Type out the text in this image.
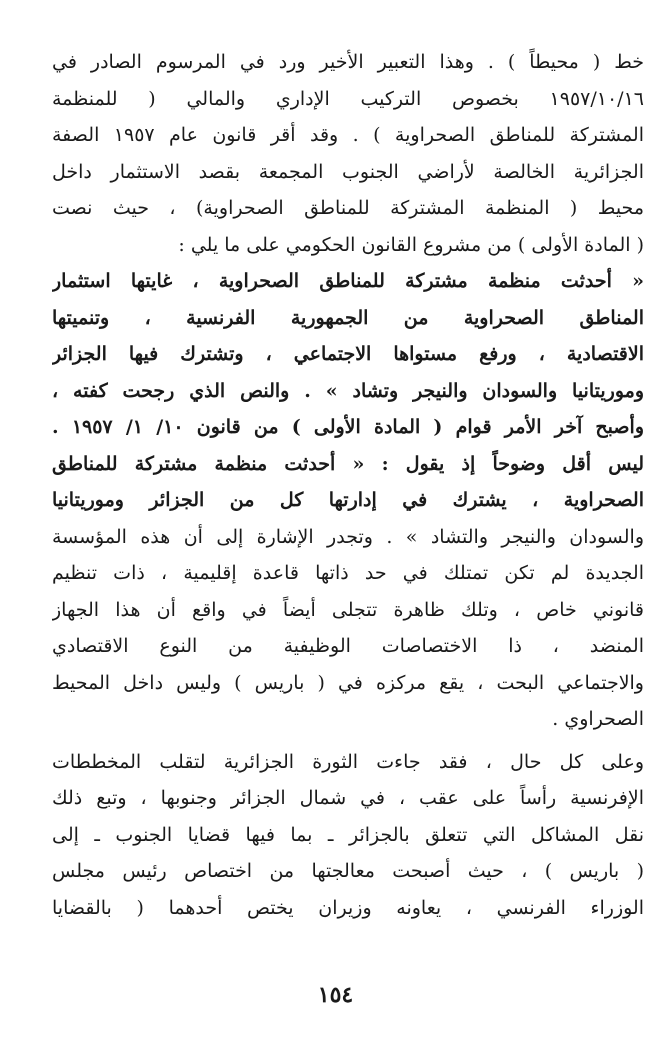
خط ( محيطاً ) . وهذا التعبير الأخير ورد في المرسوم الصادر في
١٩٥٧/١٠/١٦ بخصوص التركيب الإداري والمالي ( للمنظمة
المشتركة للمناطق الصحراوية ) . وقد أقر قانون عام ١٩٥٧ الصفة
الجزائرية الخالصة لأراضي الجنوب المجمعة بقصد الاستثمار داخل
محيط ( المنظمة المشتركة للمناطق الصحراوية) ، حيث نصت
( المادة الأولى ) من مشروع القانون الحكومي على ما يلي :
« أحدثت منظمة مشتركة للمناطق الصحراوية ، غايتها استثمار
المناطق الصحراوية من الجمهورية الفرنسية ، وتنميتها
الاقتصادية ، ورفع مستواها الاجتماعي ، وتشترك فيها الجزائر
وموريتانيا والسودان والنيجر وتشاد » . والنص الذي رجحت كفته ،
وأصبح آخر الأمر قوام ( المادة الأولى ) من قانون ١٠/ ١/ ١٩٥٧ .
ليس أقل وضوحاً إذ يقول : « أحدثت منظمة مشتركة للمناطق
الصحراوية ، يشترك في إدارتها كل من الجزائر وموريتانيا
والسودان والنيجر والتشاد » . وتجدر الإشارة إلى أن هذه المؤسسة
الجديدة لم تكن تمتلك في حد ذاتها قاعدة إقليمية ، ذات تنظيم
قانوني خاص ، وتلك ظاهرة تتجلى أيضاً في واقع أن هذا الجهاز
المنضد ، ذا الاختصاصات الوظيفية من النوع الاقتصادي
والاجتماعي البحت ، يقع مركزه في ( باريس ) وليس داخل المحيط
الصحراوي .
وعلى كل حال ، فقد جاءت الثورة الجزائرية لتقلب المخططات
الإفرنسية رأساً على عقب ، في شمال الجزائر وجنوبها ، وتبع ذلك
نقل المشاكل التي تتعلق بالجزائر ـ بما فيها قضايا الجنوب ـ إلى
( باريس ) ، حيث أصبحت معالجتها من اختصاص رئيس مجلس
الوزراء الفرنسي ، يعاونه وزيران يختص أحدهما ( بالقضايا
١٥٤
